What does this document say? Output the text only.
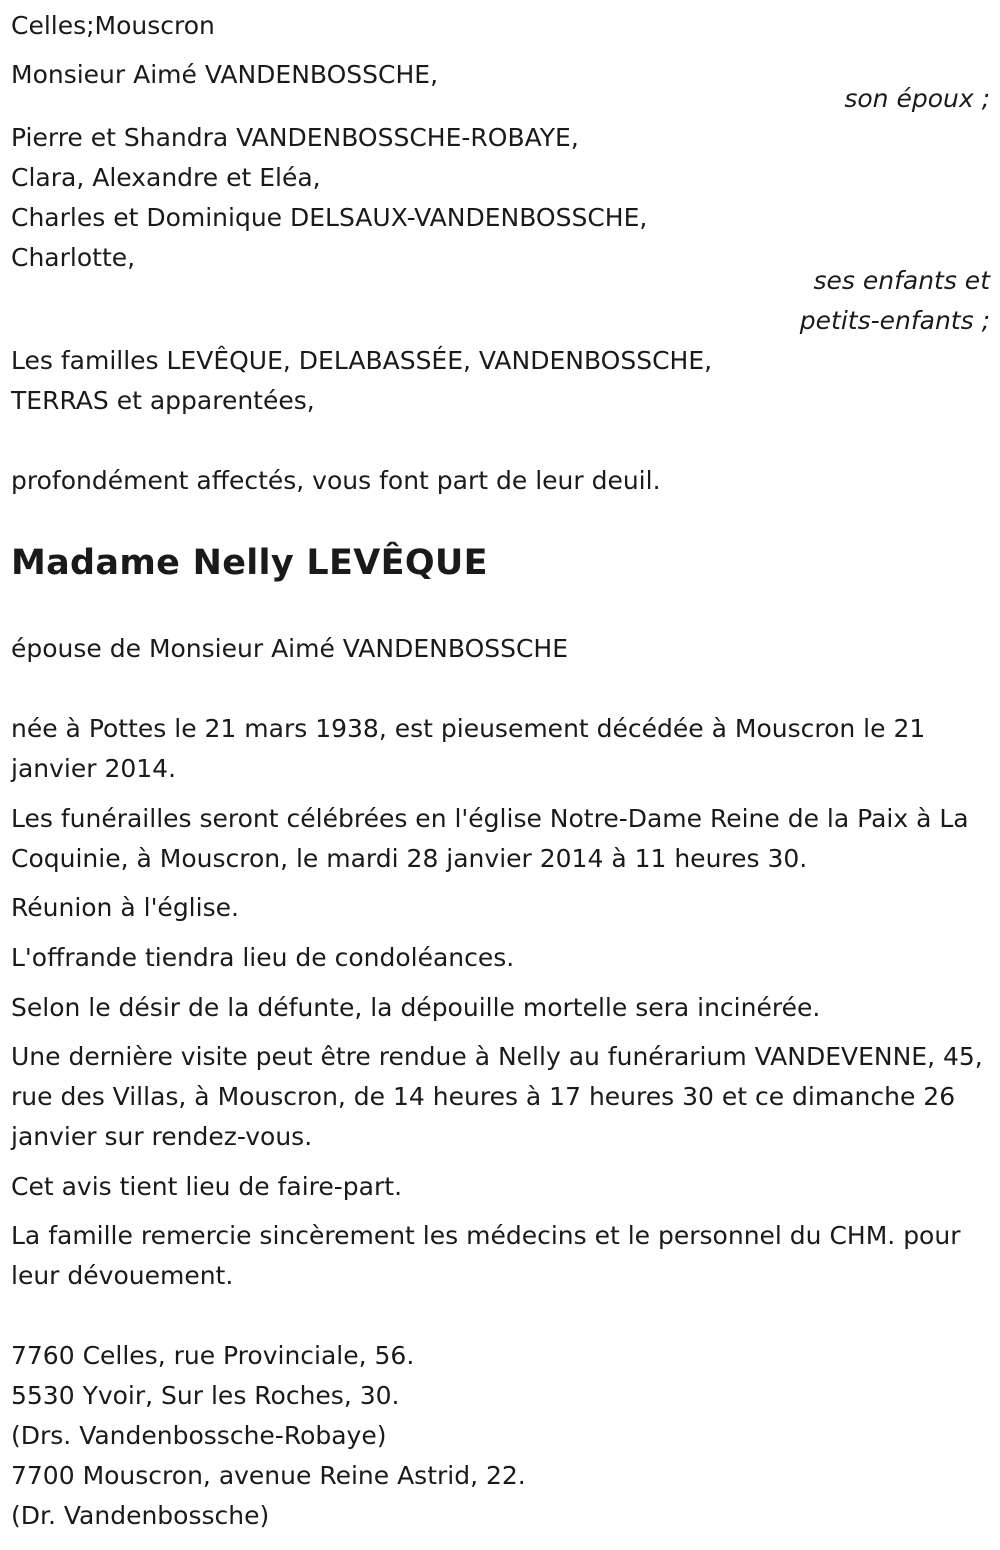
Celles;Mouscron
Monsieur Aimé VANDENBOSSCHE,
son époux ;
Pierre et Shandra VANDENBOSSCHE-ROBAYE,
Clara, Alexandre et Eléa,
Charles et Dominique DELSAUX-VANDENBOSSCHE,
Charlotte,
ses enfants et
petits-enfants ;
Les familles LEVÊQUE, DELABASSÉE, VANDENBOSSCHE,
TERRAS et apparentées,
profondément affectés, vous font part de leur deuil.
Madame Nelly LEVÊQUE
épouse de Monsieur Aimé VANDENBOSSCHE
née à Pottes le 21 mars 1938, est pieusement décédée à Mouscron le 21 janvier 2014.
Les funérailles seront célébrées en l'église Notre-Dame Reine de la Paix à La Coquinie, à Mouscron, le mardi 28 janvier 2014 à 11 heures 30.
Réunion à l'église.
L'offrande tiendra lieu de condoléances.
Selon le désir de la défunte, la dépouille mortelle sera incinérée.
Une dernière visite peut être rendue à Nelly au funérarium VANDEVENNE, 45, rue des Villas, à Mouscron, de 14 heures à 17 heures 30 et ce dimanche 26 janvier sur rendez-vous.
Cet avis tient lieu de faire-part.
La famille remercie sincèrement les médecins et le personnel du CHM. pour leur dévouement.
7760 Celles, rue Provinciale, 56.
5530 Yvoir, Sur les Roches, 30.
(Drs. Vandenbossche-Robaye)
7700 Mouscron, avenue Reine Astrid, 22.
(Dr. Vandenbossche)
